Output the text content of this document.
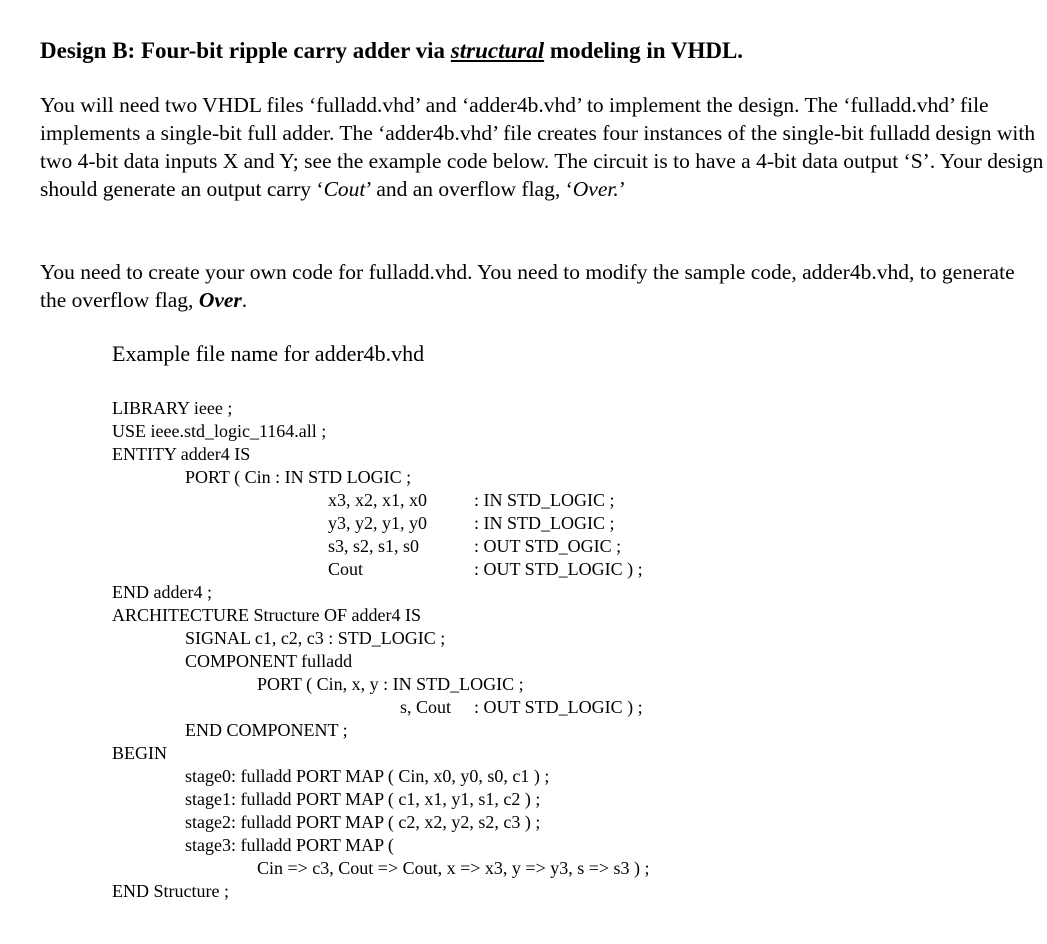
Design B: Four-bit ripple carry adder via structural modeling in VHDL.
You will need two VHDL files ‘fulladd.vhd’ and ‘adder4b.vhd’ to implement the design. The ‘fulladd.vhd’ file implements a single-bit full adder. The ‘adder4b.vhd’ file creates four instances of the single-bit fulladd design with two 4-bit data inputs X and Y; see the example code below. The circuit is to have a 4-bit data output ‘S’. Your design should generate an output carry ‘Cout’ and an overflow flag, ‘Over.’
You need to create your own code for fulladd.vhd. You need to modify the sample code, adder4b.vhd, to generate the overflow flag, Over.
Example file name for adder4b.vhd
LIBRARY ieee ;
USE ieee.std_logic_1164.all ;
ENTITY adder4 IS
PORT ( Cin : IN STD LOGIC ;
x3, x2, x1, x0	: IN STD_LOGIC ;
y3, y2, y1, y0	: IN STD_LOGIC ;
s3, s2, s1, s0	: OUT STD_OGIC ;
Cout	: OUT STD_LOGIC ) ;
END adder4 ;
ARCHITECTURE Structure OF adder4 IS
SIGNAL c1, c2, c3 : STD_LOGIC ;
COMPONENT fulladd
PORT ( Cin, x, y : IN STD_LOGIC ;
s, Cout : OUT STD_LOGIC ) ;
END COMPONENT ;
BEGIN
stage0: fulladd PORT MAP ( Cin, x0, y0, s0, c1 ) ;
stage1: fulladd PORT MAP ( c1, x1, y1, s1, c2 ) ;
stage2: fulladd PORT MAP ( c2, x2, y2, s2, c3 ) ;
stage3: fulladd PORT MAP (
Cin => c3, Cout => Cout, x => x3, y => y3, s => s3 ) ;
END Structure ;
